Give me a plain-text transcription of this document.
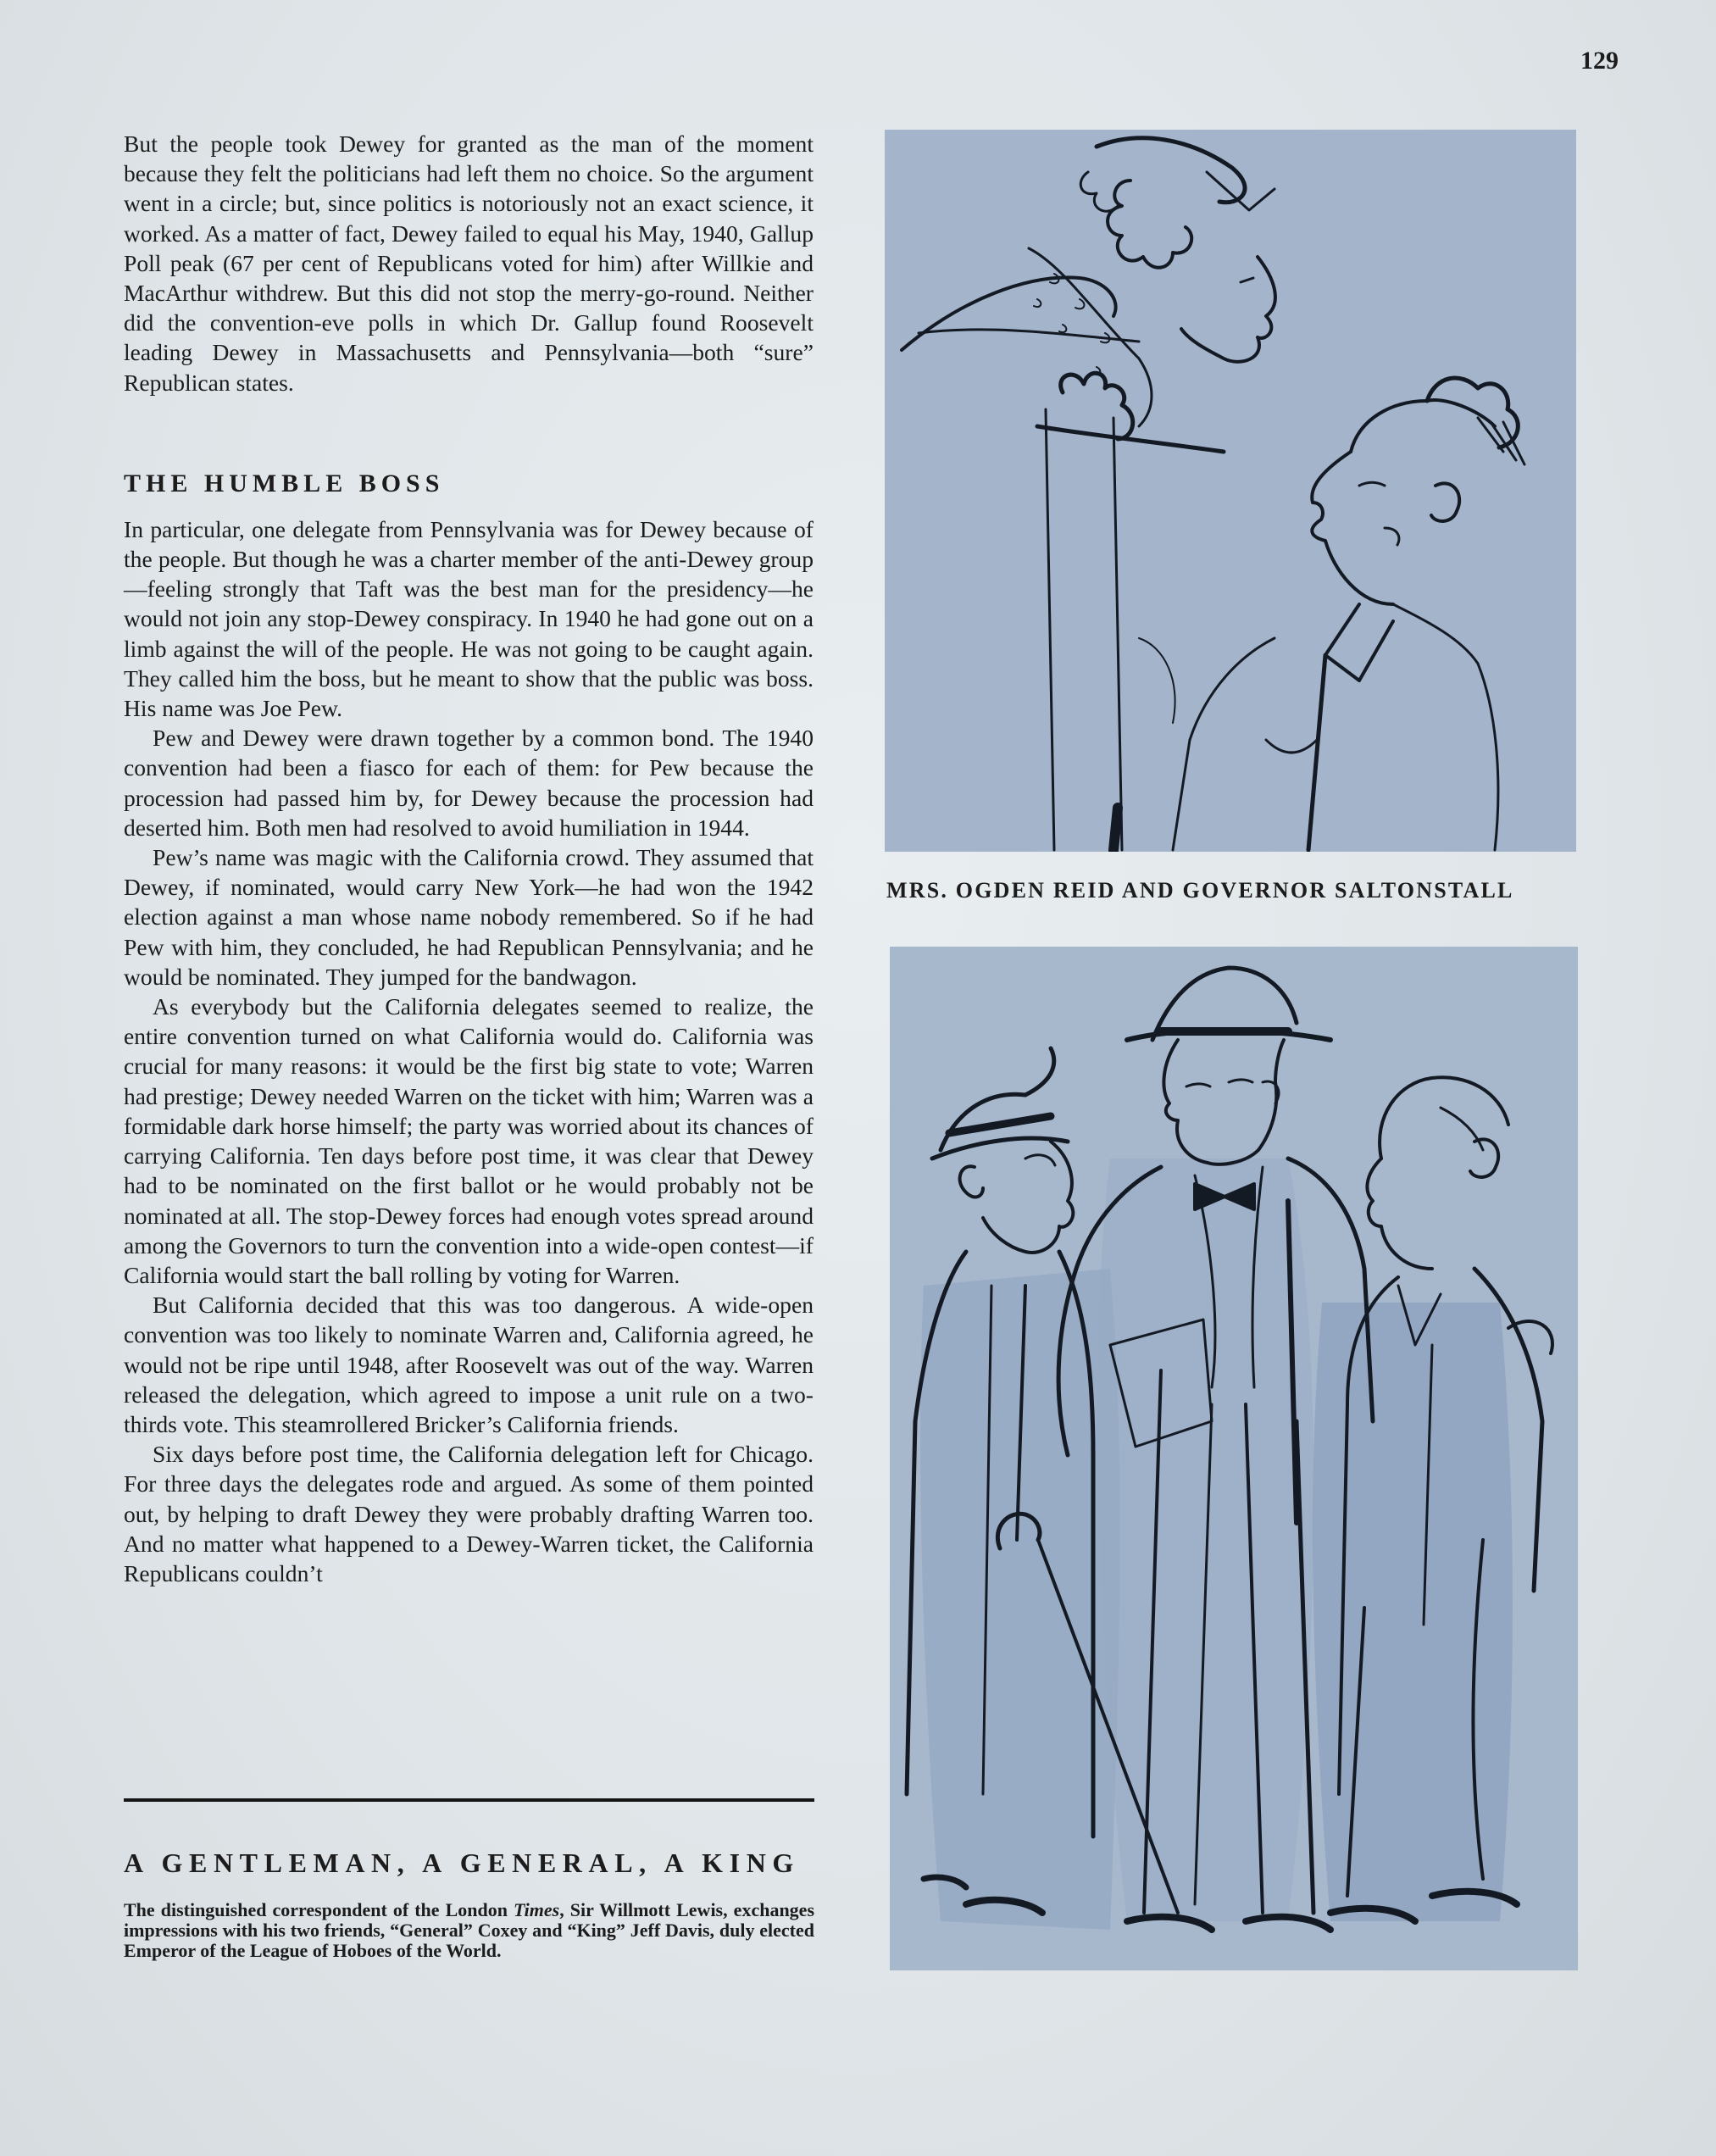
129

But the people took Dewey for granted as the man of the moment because they felt the politicians had left them no choice. So the argument went in a circle; but, since politics is notoriously not an exact science, it worked. As a matter of fact, Dewey failed to equal his May, 1940, Gallup Poll peak (67 per cent of Republicans voted for him) after Willkie and MacArthur withdrew. But this did not stop the merry-go-round. Neither did the convention-eve polls in which Dr. Gallup found Roosevelt leading Dewey in Massachusetts and Pennsylvania—both “sure” Republican states.

THE HUMBLE BOSS

In particular, one delegate from Pennsylvania was for Dewey because of the people. But though he was a charter member of the anti-Dewey group—feeling strongly that Taft was the best man for the presidency—he would not join any stop-Dewey conspiracy. In 1940 he had gone out on a limb against the will of the people. He was not going to be caught again. They called him the boss, but he meant to show that the public was boss. His name was Joe Pew.

Pew and Dewey were drawn together by a common bond. The 1940 convention had been a fiasco for each of them: for Pew because the procession had passed him by, for Dewey because the procession had deserted him. Both men had resolved to avoid humiliation in 1944.

Pew’s name was magic with the California crowd. They assumed that Dewey, if nominated, would carry New York—he had won the 1942 election against a man whose name nobody remembered. So if he had Pew with him, they concluded, he had Republican Pennsylvania; and he would be nominated. They jumped for the bandwagon.

As everybody but the California delegates seemed to realize, the entire convention turned on what California would do. California was crucial for many reasons: it would be the first big state to vote; Warren had prestige; Dewey needed Warren on the ticket with him; Warren was a formidable dark horse himself; the party was worried about its chances of carrying California. Ten days before post time, it was clear that Dewey had to be nominated on the first ballot or he would probably not be nominated at all. The stop-Dewey forces had enough votes spread around among the Governors to turn the convention into a wide-open contest—if California would start the ball rolling by voting for Warren.

But California decided that this was too dangerous. A wide-open convention was too likely to nominate Warren and, California agreed, he would not be ripe until 1948, after Roosevelt was out of the way. Warren released the delegation, which agreed to impose a unit rule on a two-thirds vote. This steamrollered Bricker’s California friends.

Six days before post time, the California delegation left for Chicago. For three days the delegates rode and argued. As some of them pointed out, by helping to draft Dewey they were probably drafting Warren too. And no matter what happened to a Dewey-Warren ticket, the California Republicans couldn’t

A GENTLEMAN, A GENERAL, A KING
The distinguished correspondent of the London Times, Sir Willmott Lewis, exchanges impressions with his two friends, “General” Coxey and “King” Jeff Davis, duly elected Emperor of the League of Hoboes of the World.
MRS. OGDEN REID AND GOVERNOR SALTONSTALL
